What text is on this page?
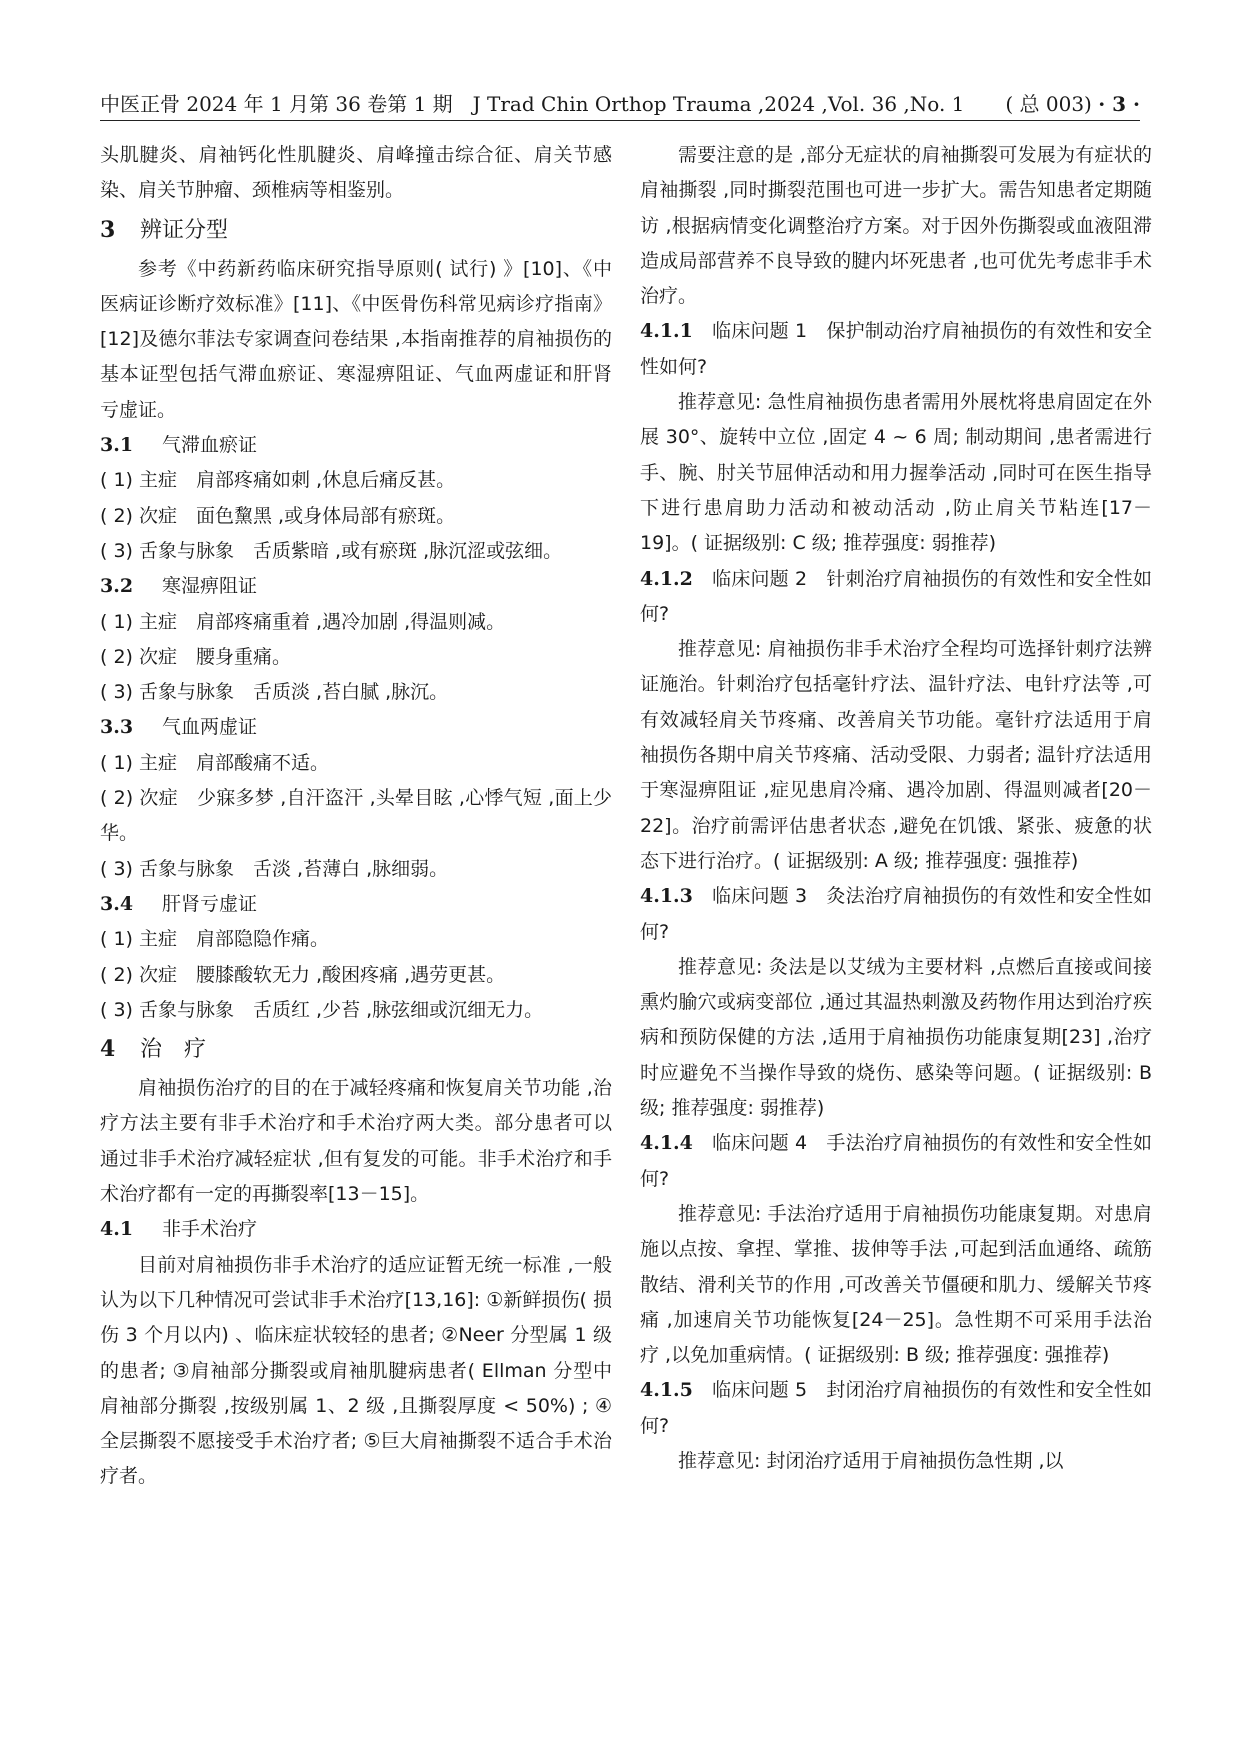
中医正骨 2024 年 1 月第 36 卷第 1 期　J Trad Chin Orthop Trauma ,2024 ,Vol. 36 ,No. 1 ( 总 003) · 3 ·

头肌腱炎、肩袖钙化性肌腱炎、肩峰撞击综合征、肩关节感染、肩关节肿瘤、颈椎病等相鉴别。

3 辨证分型

参考《中药新药临床研究指导原则( 试行) 》[10]、《中医病证诊断疗效标准》[11]、《中医骨伤科常见病诊疗指南》[12]及德尔菲法专家调查问卷结果 ,本指南推荐的肩袖损伤的基本证型包括气滞血瘀证、寒湿痹阻证、气血两虚证和肝肾亏虚证。

3.1 气滞血瘀证

( 1) 主症　肩部疼痛如刺 ,休息后痛反甚。

( 2) 次症　面色黧黑 ,或身体局部有瘀斑。

( 3) 舌象与脉象　舌质紫暗 ,或有瘀斑 ,脉沉涩或弦细。

3.2 寒湿痹阻证

( 1) 主症　肩部疼痛重着 ,遇冷加剧 ,得温则减。

( 2) 次症　腰身重痛。

( 3) 舌象与脉象　舌质淡 ,苔白腻 ,脉沉。

3.3 气血两虚证

( 1) 主症　肩部酸痛不适。

( 2) 次症　少寐多梦 ,自汗盗汗 ,头晕目眩 ,心悸气短 ,面上少华。

( 3) 舌象与脉象　舌淡 ,苔薄白 ,脉细弱。

3.4 肝肾亏虚证

( 1) 主症　肩部隐隐作痛。

( 2) 次症　腰膝酸软无力 ,酸困疼痛 ,遇劳更甚。

( 3) 舌象与脉象　舌质红 ,少苔 ,脉弦细或沉细无力。

4 治　疗

肩袖损伤治疗的目的在于减轻疼痛和恢复肩关节功能 ,治疗方法主要有非手术治疗和手术治疗两大类。部分患者可以通过非手术治疗减轻症状 ,但有复发的可能。非手术治疗和手术治疗都有一定的再撕裂率[13－15]。

4.1 非手术治疗

目前对肩袖损伤非手术治疗的适应证暂无统一标准 ,一般认为以下几种情况可尝试非手术治疗[13,16]: ①新鲜损伤( 损伤 3 个月以内) 、临床症状较轻的患者; ②Neer 分型属 1 级的患者; ③肩袖部分撕裂或肩袖肌腱病患者( Ellman 分型中肩袖部分撕裂 ,按级别属 1、2 级 ,且撕裂厚度 < 50%) ; ④全层撕裂不愿接受手术治疗者; ⑤巨大肩袖撕裂不适合手术治疗者。

需要注意的是 ,部分无症状的肩袖撕裂可发展为有症状的肩袖撕裂 ,同时撕裂范围也可进一步扩大。需告知患者定期随访 ,根据病情变化调整治疗方案。对于因外伤撕裂或血液阻滞造成局部营养不良导致的腱内坏死患者 ,也可优先考虑非手术治疗。

4.1.1 临床问题 1　保护制动治疗肩袖损伤的有效性和安全性如何?

推荐意见: 急性肩袖损伤患者需用外展枕将患肩固定在外展 30°、旋转中立位 ,固定 4 ~ 6 周; 制动期间 ,患者需进行手、腕、肘关节屈伸活动和用力握拳活动 ,同时可在医生指导下进行患肩助力活动和被动活动 ,防止肩关节粘连[17－19]。( 证据级别: C 级; 推荐强度: 弱推荐)

4.1.2 临床问题 2　针刺治疗肩袖损伤的有效性和安全性如何?

推荐意见: 肩袖损伤非手术治疗全程均可选择针刺疗法辨证施治。针刺治疗包括毫针疗法、温针疗法、电针疗法等 ,可有效减轻肩关节疼痛、改善肩关节功能。毫针疗法适用于肩袖损伤各期中肩关节疼痛、活动受限、力弱者; 温针疗法适用于寒湿痹阻证 ,症见患肩冷痛、遇冷加剧、得温则减者[20－22]。治疗前需评估患者状态 ,避免在饥饿、紧张、疲惫的状态下进行治疗。( 证据级别: A 级; 推荐强度: 强推荐)

4.1.3 临床问题 3　灸法治疗肩袖损伤的有效性和安全性如何?

推荐意见: 灸法是以艾绒为主要材料 ,点燃后直接或间接熏灼腧穴或病变部位 ,通过其温热刺激及药物作用达到治疗疾病和预防保健的方法 ,适用于肩袖损伤功能康复期[23] ,治疗时应避免不当操作导致的烧伤、感染等问题。( 证据级别: B 级; 推荐强度: 弱推荐)

4.1.4 临床问题 4　手法治疗肩袖损伤的有效性和安全性如何?

推荐意见: 手法治疗适用于肩袖损伤功能康复期。对患肩施以点按、拿捏、掌推、拔伸等手法 ,可起到活血通络、疏筋散结、滑利关节的作用 ,可改善关节僵硬和肌力、缓解关节疼痛 ,加速肩关节功能恢复[24－25]。急性期不可采用手法治疗 ,以免加重病情。( 证据级别: B 级; 推荐强度: 强推荐)

4.1.5 临床问题 5　封闭治疗肩袖损伤的有效性和安全性如何?

推荐意见: 封闭治疗适用于肩袖损伤急性期 ,以
